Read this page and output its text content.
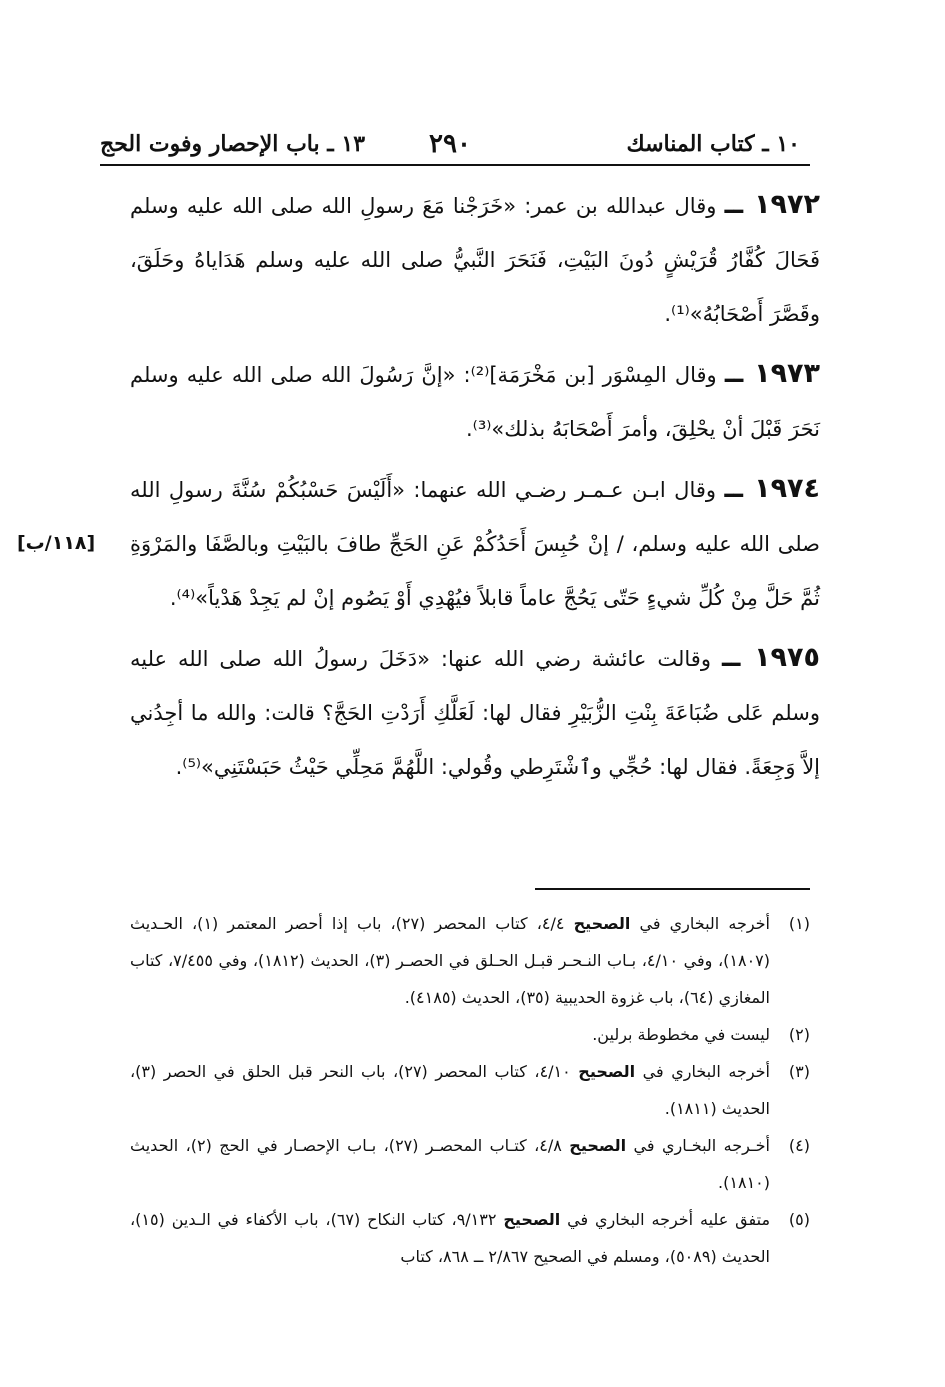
١٠ ـ كتاب المناسك
٢٩٠
١٣ ـ باب الإحصار وفوت الحج
١٩٧٢ ــ وقال عبدالله بن عمر: «خَرَجْنا مَعَ رسولِ الله صلى الله عليه وسلم فَحَالَ كُفَّارُ قُرَيْشٍ دُونَ البَيْتِ، فَنَحَرَ النَّبيُّ صلى الله عليه وسلم هَدَاياهُ وحَلَقَ، وقَصَّرَ أَصْحَابُهُ»⁽¹⁾.
١٩٧٣ ــ وقال المِسْوَر [بن مَخْرَمَة]⁽²⁾: «إنَّ رَسُولَ الله صلى الله عليه وسلم نَحَرَ قَبْلَ أنْ يحْلِقَ، وأمرَ أَصْحَابَهُ بذلك»⁽³⁾.
[١١٨/ب]
١٩٧٤ ــ وقال ابـن عـمـر رضـي الله عنهما: «أَلَيْسَ حَسْبُكُمْ سُنَّةَ رسولِ الله صلى الله عليه وسلم، / إنْ حُبِسَ أَحَدُكُمْ عَنِ الحَجِّ طافَ بالبَيْتِ وبالصَّفَا والمَرْوَةِ ثُمَّ حَلَّ مِنْ كُلِّ شيءٍ حَتّى يَحُجَّ عاماً قابلاً فيُهْدِي أَوْ يَصُوم إنْ لم يَجِدْ هَدْياً»⁽⁴⁾.
١٩٧٥ ــ وقالت عائشة رضي الله عنها: «دَخَلَ رسولُ الله صلى الله عليه وسلم عَلى ضُبَاعَةَ بِنْتِ الزُّبَيْرِ فقال لها: لَعَلَّكِ أَرَدْتِ الحَجَّ؟ قالت: والله ما أجِدُني إلاَّ وَجِعَةً. فقال لها: حُجِّي وٱشْتَرِطي وقُولي: اللَّهُمَّ مَحِلِّي حَيْثُ حَبَسْتَنِي»⁽⁵⁾.
(١)
أخرجه البخاري في الصحيح ٤/٤، كتاب المحصر (٢٧)، باب إذا أحصر المعتمر (١)، الحـديث (١٨٠٧)، وفي ٤/١٠، بـاب النـحـر قبـل الحـلق في الحصـر (٣)، الحديث (١٨١٢)، وفي ٧/٤٥٥، كتاب المغازي (٦٤)، باب غزوة الحديبية (٣٥)، الحديث (٤١٨٥).
(٢)
ليست في مخطوطة برلين.
(٣)
أخرجه البخاري في الصحيح ٤/١٠، كتاب المحصر (٢٧)، باب النحر قبل الحلق في الحصر (٣)، الحديث (١٨١١).
(٤)
أخـرجه البخـاري في الصحيح ٤/٨، كتـاب المحصـر (٢٧)، بـاب الإحصـار في الحج (٢)، الحديث (١٨١٠).
(٥)
متفق عليه أخرجه البخاري في الصحيح ٩/١٣٢، كتاب النكاح (٦٧)، باب الأكفاء في الـدين (١٥)، الحديث (٥٠٨٩)، ومسلم في الصحيح ٢/٨٦٧ ــ ٨٦٨، كتاب
